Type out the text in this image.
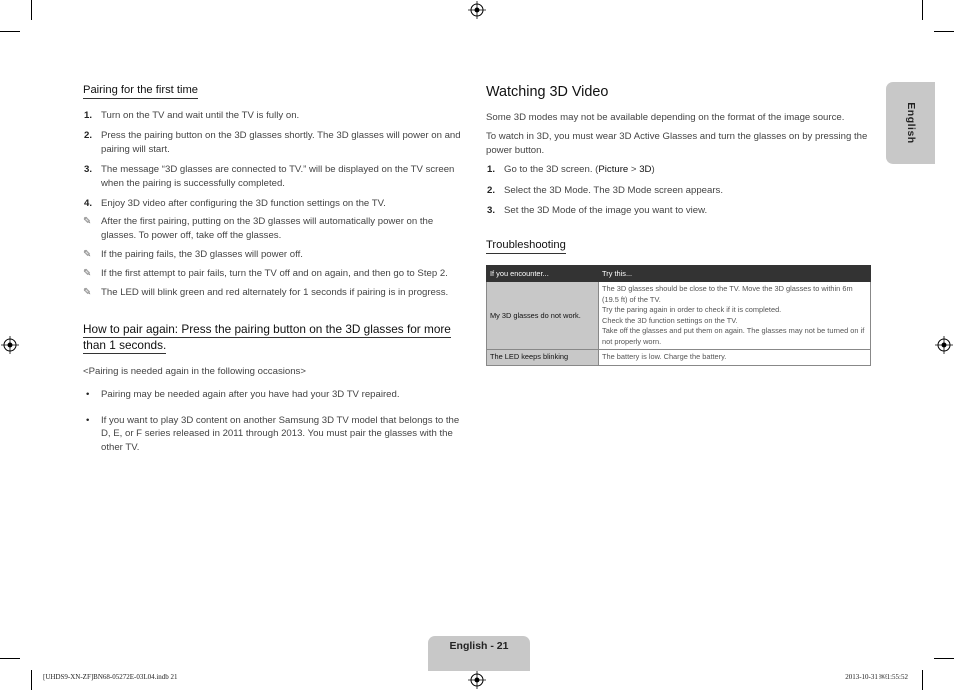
Pairing for the first time
1. Turn on the TV and wait until the TV is fully on.
2. Press the pairing button on the 3D glasses shortly. The 3D glasses will power on and pairing will start.
3. The message “3D glasses are connected to TV.” will be displayed on the TV screen when the pairing is successfully completed.
4. Enjoy 3D video after configuring the 3D function settings on the TV.
✎ After the first pairing, putting on the 3D glasses will automatically power on the glasses. To power off, take off the glasses.
✎ If the pairing fails, the 3D glasses will power off.
✎ If the first attempt to pair fails, turn the TV off and on again, and then go to Step 2.
✎ The LED will blink green and red alternately for 1 seconds if pairing is in progress.
How to pair again: Press the pairing button on the 3D glasses for more than 1 seconds.
<Pairing is needed again in the following occasions>
• Pairing may be needed again after you have had your 3D TV repaired.
• If you want to play 3D content on another Samsung 3D TV model that belongs to the D, E, or F series released in 2011 through 2013. You must pair the glasses with the other TV.
Watching 3D Video

Some 3D modes may not be available depending on the format of the image source.

To watch in 3D, you must wear 3D Active Glasses and turn the glasses on by pressing the power button.

1. Go to the 3D screen. (Picture > 3D)
2. Select the 3D Mode. The 3D Mode screen appears.
3. Set the 3D Mode of the image you want to view.
Troubleshooting
If you encounter...	Try this...
My 3D glasses do not work.	The 3D glasses should be close to the TV. Move the 3D glasses to within 6m (19.5 ft) of the TV.
Try the paring again in order to check if it is completed.
Check the 3D function settings on the TV.
Take off the glasses and put them on again. The glasses may not be turned on if not properly worn.

The LED keeps blinking	The battery is low. Charge the battery.
English
English - 21
[UHDS9-XN-ZF]BN68-05272E-03L04.indb 21	2013-10-31 ￼1:55:52
